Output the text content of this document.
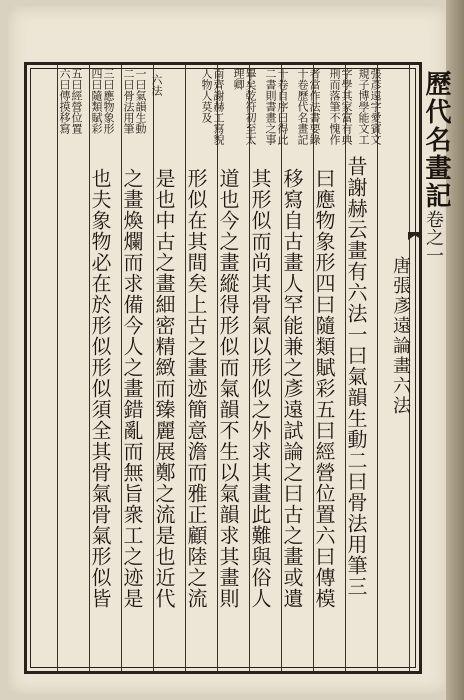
歷代名畫記
卷之一
唐張彥遠論畫六法
昔謝赫云畫有六法一曰氣韻生動二曰骨法用筆三
曰應物象形四曰隨類賦彩五曰經營位置六曰傳模
移寫自古畫人罕能兼之彥遠試論之曰古之畫或遺
其形似而尚其骨氣以形似之外求其畫此難與俗人
道也今之畫縱得形似而氣韻不生以氣韻求其畫則
形似在其間矣上古之畫迹簡意澹而雅正顧陸之流
是也中古之畫細密精緻而臻麗展鄭之流是也近代
之畫煥爛而求備今人之畫錯亂而無旨衆工之迹是
也夫象物必在於形似形似須全其骨氣骨氣形似皆
張彥遠字愛賓文
規子博學能文工
字學其家富有典
刑而落筆不愧作
者當作法書要錄
十卷歷代名畫記
十卷自序曰得此
二書則書畫之事
畢矣乾符初至太
理卿
南齊謝赫工寫貌
人物人莫及
六法
一曰氣韻生動
二曰骨法用筆
三曰應物象形
四曰隨類賦彩
五曰經營位置
六曰傳摸移寫
